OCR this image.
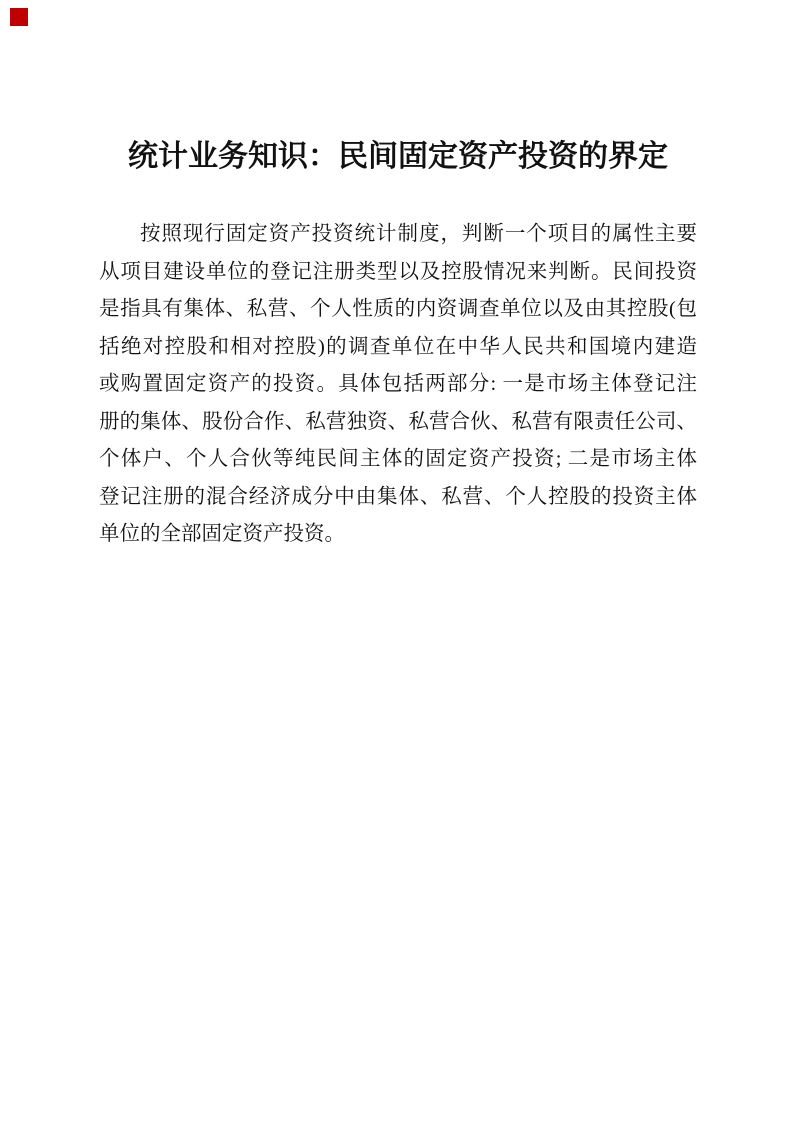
统计业务知识：民间固定资产投资的界定
按照现行固定资产投资统计制度，判断一个项目的属性主要
从项目建设单位的登记注册类型以及控股情况来判断。民间投资
是指具有集体、私营、个人性质的内资调查单位以及由其控股(包
括绝对控股和相对控股)的调查单位在中华人民共和国境内建造
或购置固定资产的投资。具体包括两部分: 一是市场主体登记注
册的集体、股份合作、私营独资、私营合伙、私营有限责任公司、
个体户、个人合伙等纯民间主体的固定资产投资; 二是市场主体
登记注册的混合经济成分中由集体、私营、个人控股的投资主体
单位的全部固定资产投资。
